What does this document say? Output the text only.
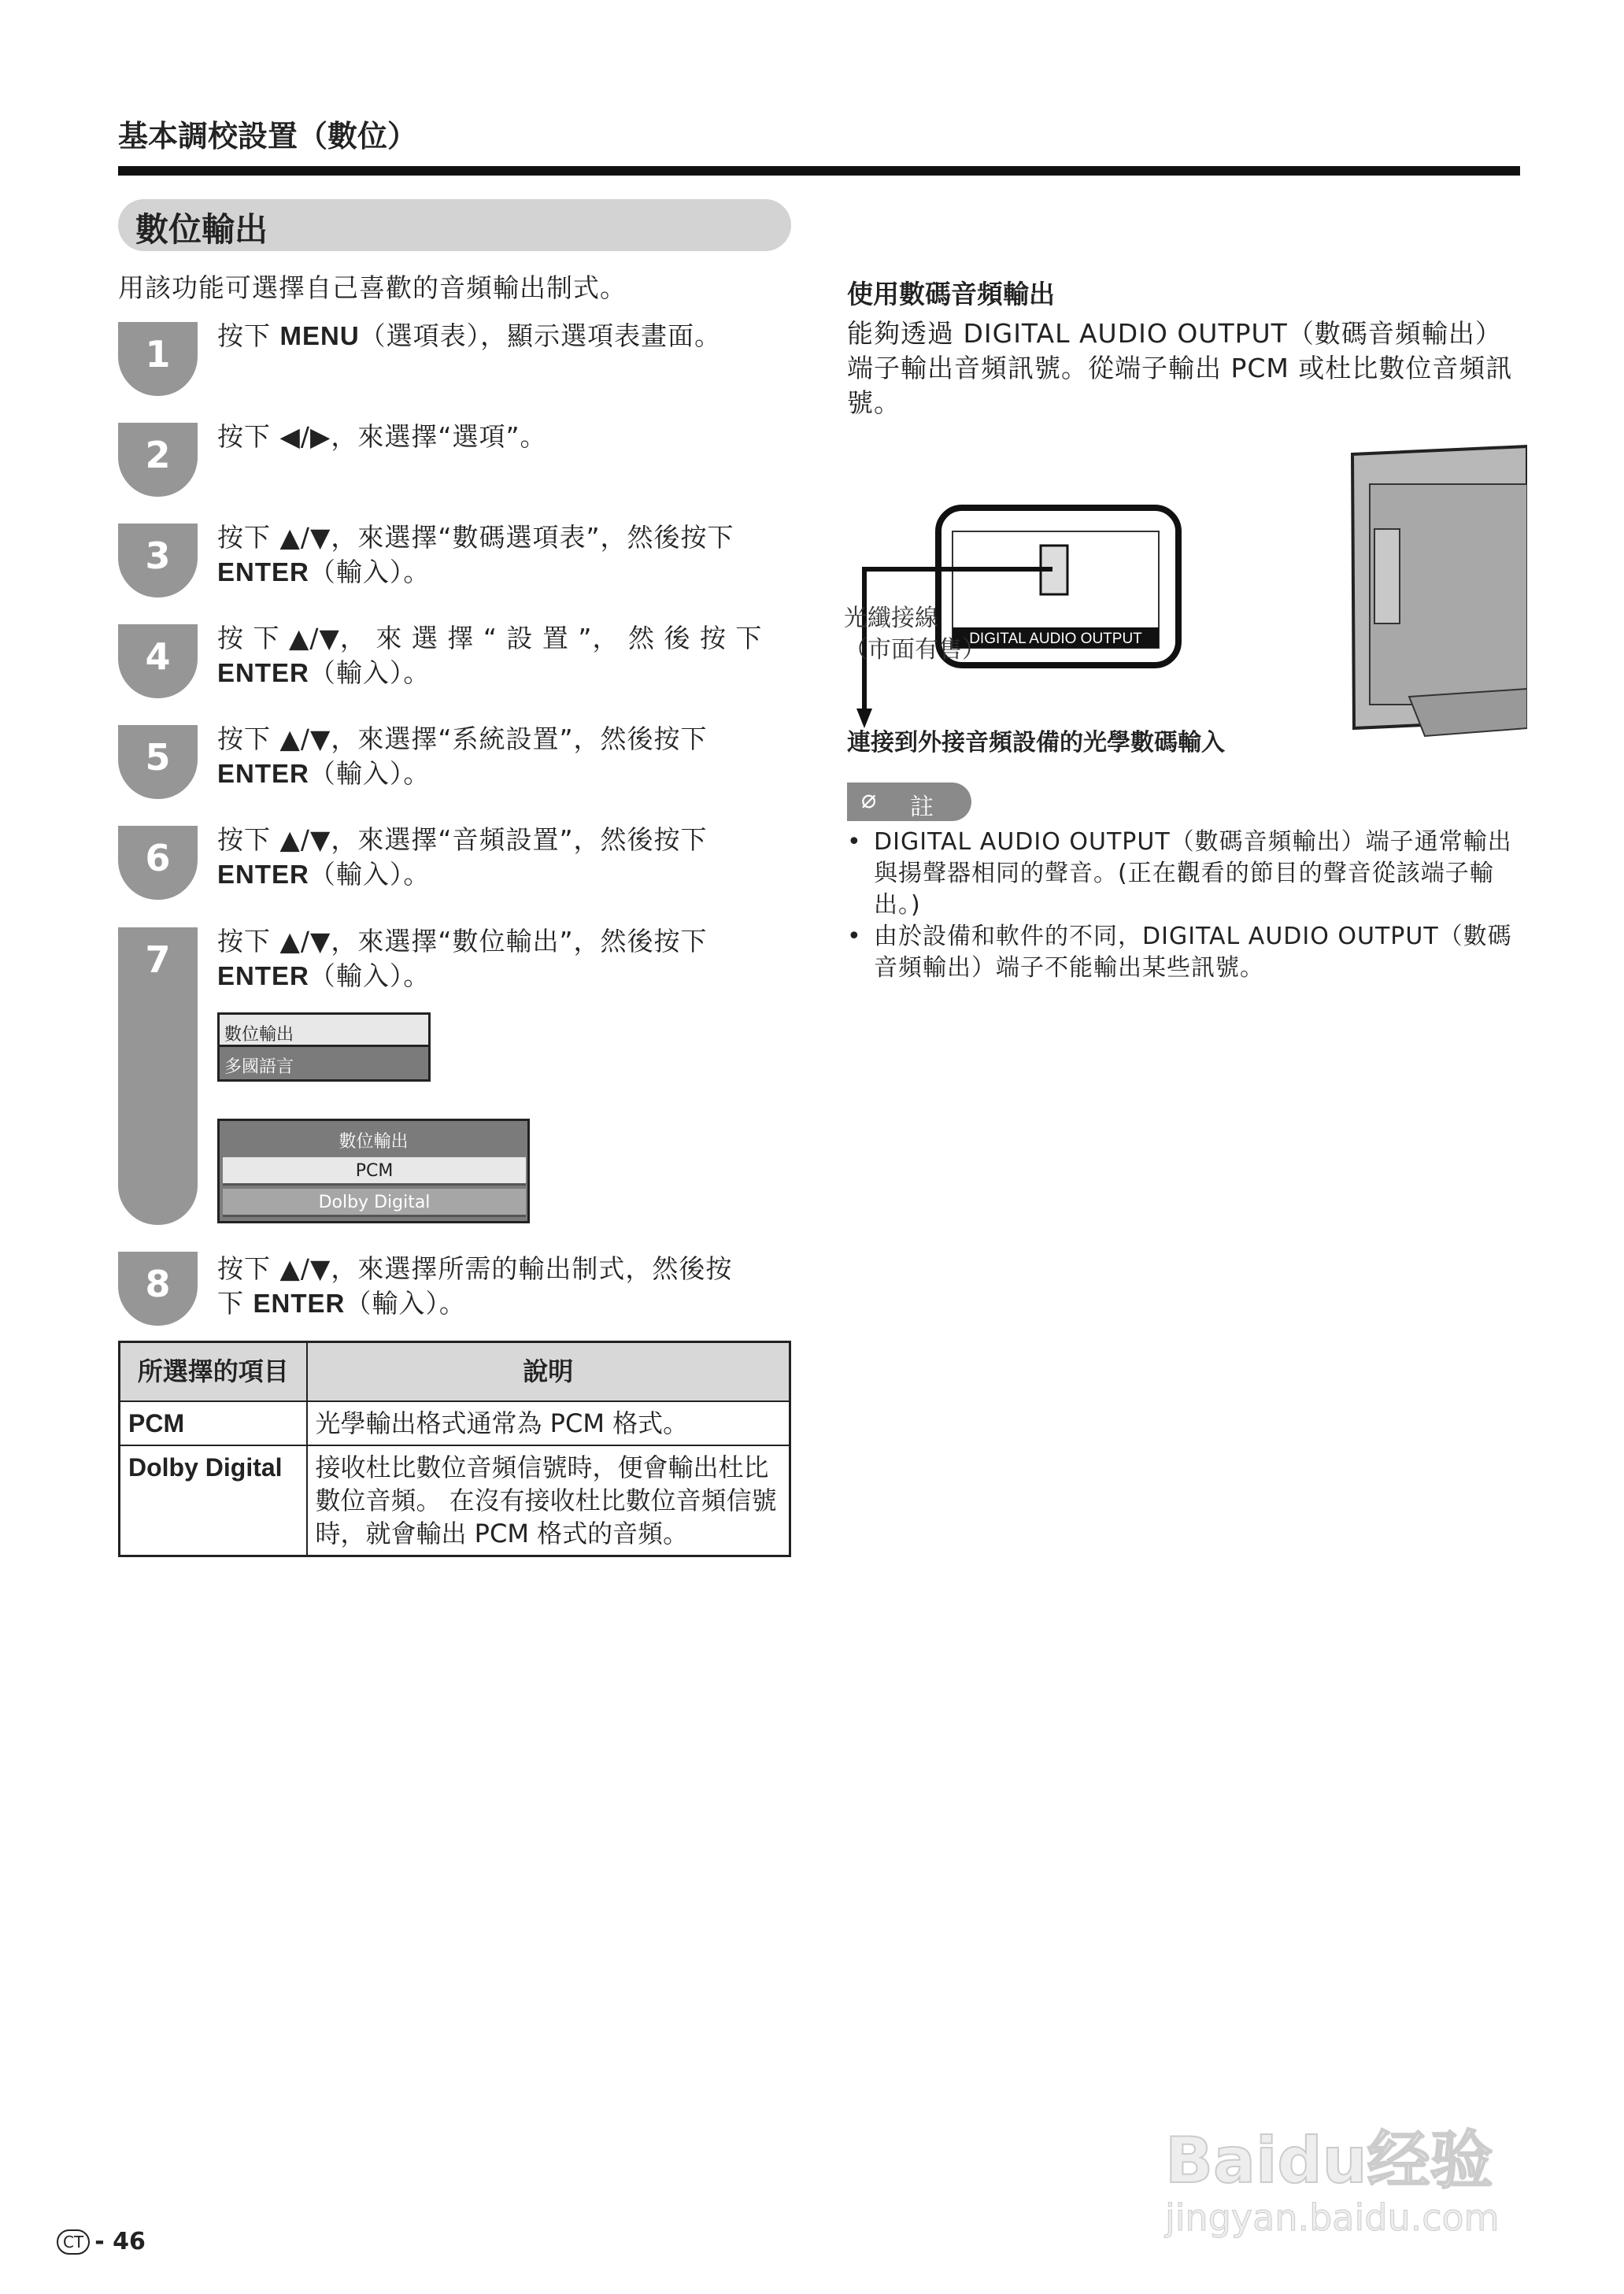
基本調校設置（數位）
數位輸出
用該功能可選擇自己喜歡的音頻輸出制式。
1	按下 MENU（選項表），顯示選項表畫面。
2	按下 ◀/▶，來選擇“選項”。
3	按下 ▲/▼，來選擇“數碼選項表”，然後按下
ENTER（輸入）。
4	按 下 ▲/▼， 來 選 擇 “ 設 置 ”， 然 後 按 下
ENTER（輸入）。
5	按下 ▲/▼，來選擇“系統設置”，然後按下
ENTER（輸入）。
6	按下 ▲/▼，來選擇“音頻設置”，然後按下
ENTER（輸入）。
7	按下 ▲/▼，來選擇“數位輸出”，然後按下
ENTER（輸入）。
8	按下 ▲/▼，來選擇所需的輸出制式，然後按
下 ENTER（輸入）。
數位輸出
多國語言
數位輸出
PCM
Dolby Digital
所選擇的項目	說明
PCM	光學輸出格式通常為 PCM 格式。
Dolby Digital	接收杜比數位音頻信號時，便會輸出杜比數位音頻。 在沒有接收杜比數位音頻信號時，就會輸出 PCM 格式的音頻。
使用數碼音頻輸出
能夠透過 DIGITAL AUDIO OUTPUT（數碼音頻輸出）端子輸出音頻訊號。從端子輸出 PCM 或杜比數位音頻訊號。
DIGITAL AUDIO OUTPUT
光纖接線
（市面有售）
連接到外接音頻設備的光學數碼輸入
⌀ 註
• DIGITAL AUDIO OUTPUT（數碼音頻輸出）端子通常輸出與揚聲器相同的聲音。(正在觀看的節目的聲音從該端子輸出。)
• 由於設備和軟件的不同，DIGITAL AUDIO OUTPUT（數碼音頻輸出）端子不能輸出某些訊號。
CT - 46
Baidu经验
jingyan.baidu.com
